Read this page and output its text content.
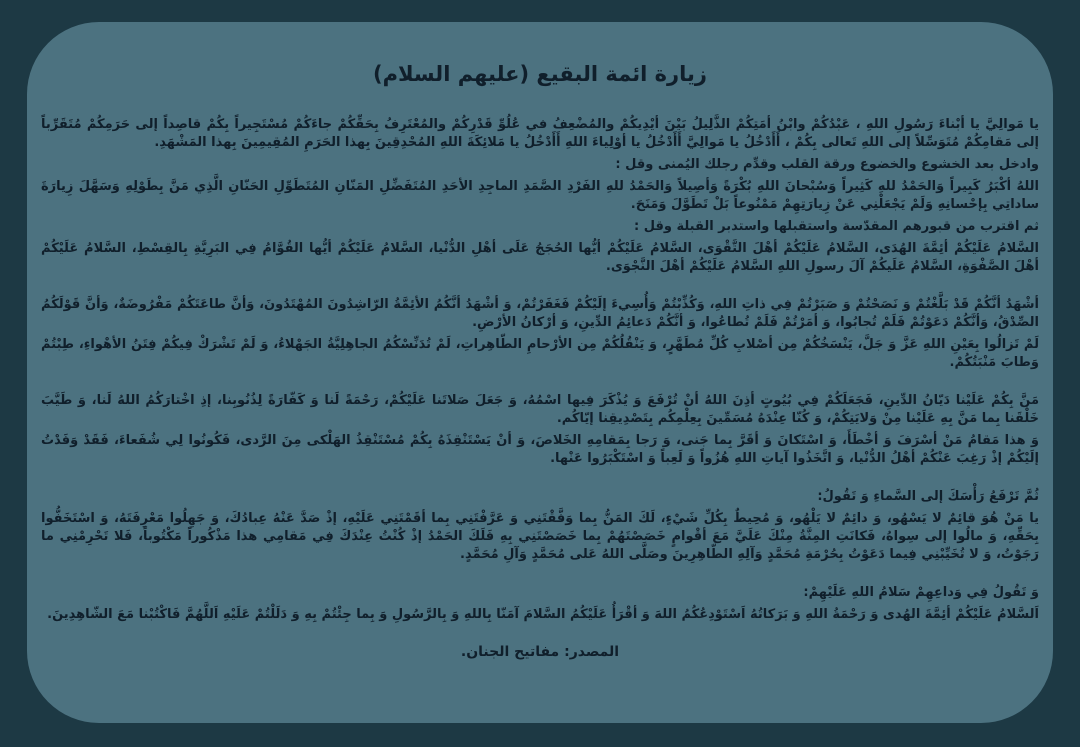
زيارة ائمة البقيع (عليهم السلام)

يا مَوالِيَّ يا أبْناءَ رَسُولِ اللهِ ، عَبْدُكُمْ وابْنُ أمَتِكُمْ الذَّلِيلُ بَيْنَ أيْدِيكُمْ والمُضْعِفُ في عُلُوِّ قَدْرِكُمْ والمُعْتَرِفُ بِحَقِّكُمْ جاءَكُمْ مُسْتَجِيراً بِكُمْ قاصِداً إلى حَرَمِكُمْ مُتَقَرِّباً إلى مَقامِكُمْ مُتَوَسِّلاً إلى اللهِ تَعالى بِكُمْ ، أَأَدْخُلُ يا مَوالِيَّ أَأَدْخُلُ يا أوْلِياءَ اللهِ أَأَدْخُلُ يا مَلائِكَةَ اللهِ المُحْدِقِينَ بِهذا الحَرَمِ المُقِيمِينَ بِهذا المَشْهَدِ.

وادخل بعد الخشوع والخضوع ورقة القلب وقدِّم رجلك اليُمنى وقل :

اللهُ أكْبَرُ كَبِيراً وَالحَمْدُ للهِ كَثِيراً وَسُبْحانَ اللهِ بُكْرَةً وَأصِيلاً وَالحَمْدُ للهِ الفَرْدِ الصَّمَدِ الماجِدِ الأحَدِ المُتَفَضِّلِ المَنّانِ المُتَطَوِّلِ الحَنّانِ الَّذِي مَنَّ بِطَوْلِهِ وَسَهَّلَ زِيارَةَ ساداتِي بِإحْسانِهِ وَلَمْ يَجْعَلْنِي عَنْ زِيارَتِهِمْ مَمْنُوعاً بَلْ تَطَوَّلَ وَمَنَحَ.

ثم اقترب من قبورهم المقدّسة واستقبلها واستدبر القبلة وقل :

السَّلامُ عَلَيْكُمْ أئِمَّةَ الهُدَى، السَّلامُ عَلَيْكُمْ أهْلَ التَّقْوَى، السَّلامُ عَلَيْكُمْ أيُّها الحُجَجُ عَلَى أهْلِ الدُّنْيا، السَّلامُ عَلَيْكُمْ أيُّها القُوَّامُ فِي البَرِيَّةِ بِالقِسْطِ، السَّلامُ عَلَيْكُمْ أهْلَ الصَّفْوَةِ، السَّلامُ عَلَيكُمْ آلَ رسولِ اللهِ السَّلامُ عَلَيْكُمْ أهْلَ النَّجْوَى.

أشْهَدُ أنَّكُمْ قَدْ بَلَّغْتُمْ وَ نَصَحْتُمْ وَ صَبَرْتُمْ فِي ذاتِ اللهِ، وَكُذِّبْتُمْ وَأُسِيءَ إلَيْكُمْ فَغَفَرْتُمْ، وَ أشْهَدُ أنَّكُمُ الأئِمَّةُ الرّاشِدُونَ المُهْتَدُونَ، وَأنَّ طاعَتَكُمْ مَفْرُوضَةٌ، وَأنَّ قَوْلَكُمُ الصِّدْقُ، وَأنَّكُمْ دَعَوْتُمْ فَلَمْ تُجابُوا، وَ أمَرْتُمْ فَلَمْ تُطاعُوا، وَ أنَّكُمْ دَعائِمُ الدِّينِ، وَ أرْكانُ الأرْضِ.

لَمْ تَزالُوا بِعَيْنِ اللهِ عَزَّ وَ جَلَّ، يَنْسَخُكُمْ مِن أصْلابِ كُلِّ مُطَهَّرٍ، وَ يَنْقُلُكُمْ مِن الأرْحامِ الطّاهِراتِ، لَمْ تُدَنِّسْكُمُ الجاهِلِيَّةُ الجَهْلاءُ، وَ لَمْ تَشْرَكْ فِيكُمْ فِتَنُ الأهْواءِ، طِبْتُمْ وَطابَ مَنْبَتُكُمْ.

مَنَّ بِكُمْ عَلَيْنا دَيّانُ الدِّينِ، فَجَعَلَكُمْ فِي بُيُوتٍ أذِنَ اللهُ أنْ تُرْفَعَ وَ يُذْكَرَ فِيها اسْمُهُ، وَ جَعَلَ صَلاتَنا عَلَيْكُمْ، رَحْمَةً لَنا وَ كَفّارَةً لِذُنُوبِنا، إذِ اخْتارَكُمُ اللهُ لَنا، وَ طَيَّبَ خَلْقَنا بِما مَنَّ بِهِ عَلَيْنا مِنْ وَلايَتِكُمْ، وَ كُنّا عِنْدَهُ مُسَمِّينَ بِعِلْمِكُم بِتَصْدِيقِنا إيّاكُم.

وَ هذا مَقامُ مَنْ أسْرَفَ وَ أخْطَأَ، وَ اسْتَكانَ وَ أقَرَّ بِما جَنى، وَ رَجا بِمَقامِهِ الخَلاصَ، وَ أنْ يَسْتَنْقِذَهُ بِكُمْ مُسْتَنْقِذُ الهَلْكى مِنَ الرَّدى، فَكُونُوا لِي شُفَعاءَ، فَقَدْ وَفَدْتُ إلَيْكُمْ إذْ رَغِبَ عَنْكُمْ أهْلُ الدُّنْيا، وَ اتَّخَذُوا آياتِ اللهِ هُزُواً وَ لَعِباً وَ اسْتَكْبَرُوا عَنْها.

ثُمَّ تَرْفَعُ رَأْسَكَ إلى السَّماءِ وَ تَقُولُ:

يا مَنْ هُوَ قائِمٌ لا يَسْهُو، وَ دائِمٌ لا يَلْهُو، وَ مُحِيطٌ بِكُلِّ شَيْءٍ، لَكَ المَنُّ بِما وَفَّقْتَنِي وَ عَرَّفْتَنِي بِما أقَمْتَنِي عَلَيْهِ، إذْ صَدَّ عَنْهُ عِبادُكَ، وَ جَهِلُوا مَعْرِفَتَهُ، وَ اسْتَخَفُّوا بِحَقِّهِ، وَ مالُوا إلى سِواهُ، فَكانَتِ المِنَّةُ مِنْكَ عَلَيَّ مَعَ أقْوامٍ خَصَصْتَهُمْ بِما خَصَصْتَنِي بِهِ فَلَكَ الحَمْدُ إذْ كُنْتُ عِنْدَكَ فِي مَقامِي هذا مَذْكُوراً مَكْتُوباً، فَلا تَحْرِمْنِي ما رَجَوْتُ، وَ لا تُخَيِّبْنِي فِيما دَعَوْتُ بِحُرْمَةِ مُحَمَّدٍ وَآلِهِ الطّاهِرِينَ وصَلَّى اللهُ عَلى مُحَمَّدٍ وَآلِ مُحَمَّدٍ.

وَ تَقُولُ فِي وَداعِهِمْ سَلامُ اللهِ عَلَيْهِمْ:

اَلسَّلامُ عَلَيْكُمْ أئِمَّةَ الهُدى وَ رَحْمَةُ اللهِ وَ بَرَكاتُهُ اَسْتَوْدِعُكُمُ اللهَ وَ أقْرَأُ عَلَيْكُمُ السَّلامَ آمَنّا بِاللهِ وَ بِالرَّسُولِ وَ بِما جِئْتُمْ بِهِ وَ دَلَلْتُمْ عَلَيْهِ اَللَّهُمَّ فَاكْتُبْنا مَعَ الشّاهِدِينَ.

المصدر: مفاتيح الجنان.
